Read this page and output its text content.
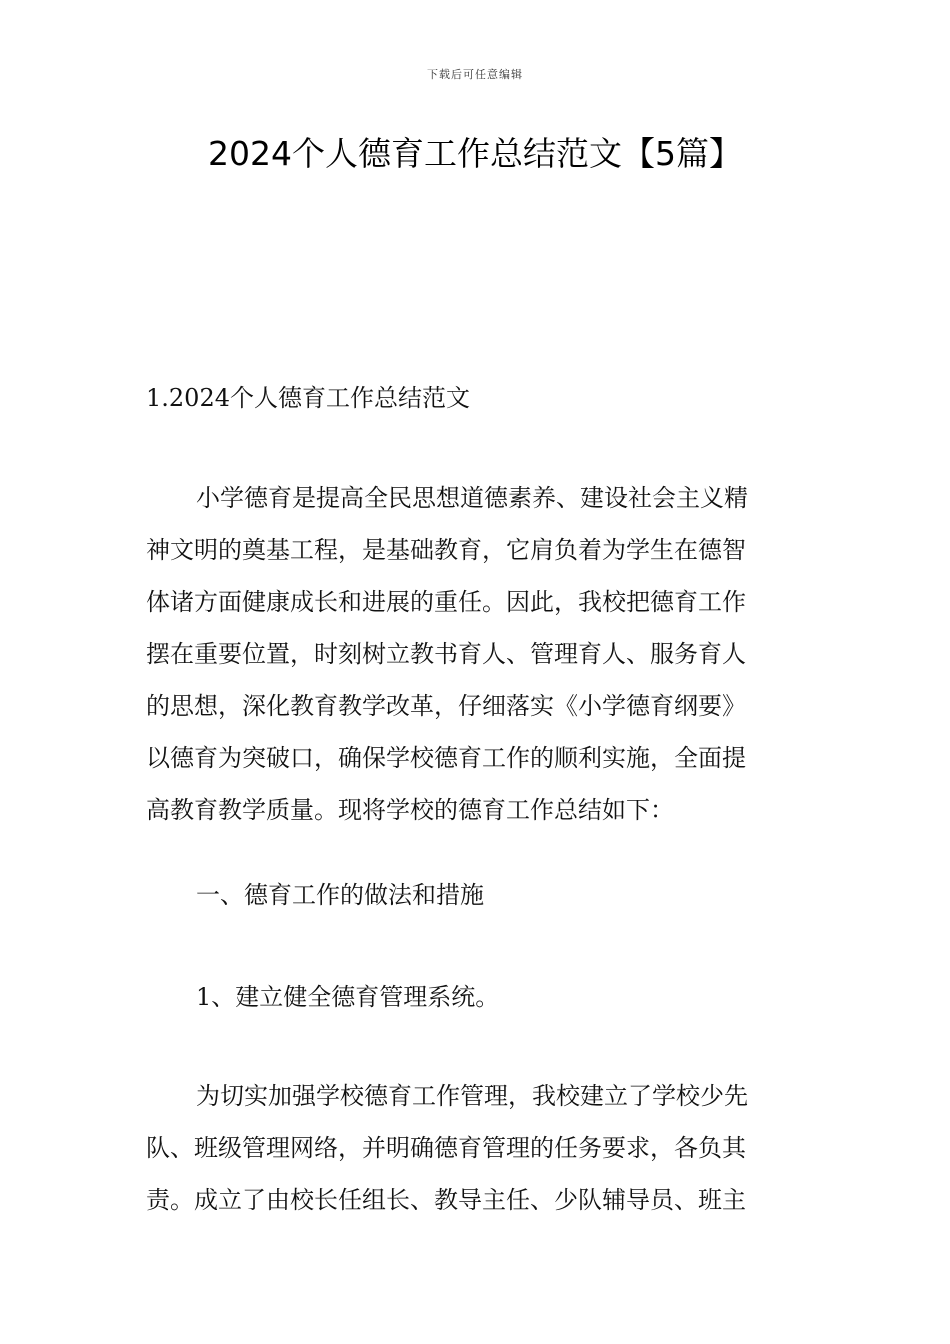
下载后可任意编辑
2024个人德育工作总结范文【5篇】
1.2024个人德育工作总结范文
小学德育是提高全民思想道德素养、建设社会主义精
神文明的奠基工程，是基础教育，它肩负着为学生在德智
体诸方面健康成长和进展的重任。因此，我校把德育工作
摆在重要位置，时刻树立教书育人、管理育人、服务育人
的思想，深化教育教学改革，仔细落实《小学德育纲要》
以德育为突破口，确保学校德育工作的顺利实施，全面提
高教育教学质量。现将学校的德育工作总结如下：
一、德育工作的做法和措施
1、建立健全德育管理系统。
为切实加强学校德育工作管理，我校建立了学校少先
队、班级管理网络，并明确德育管理的任务要求，各负其
责。成立了由校长任组长、教导主任、少队辅导员、班主
